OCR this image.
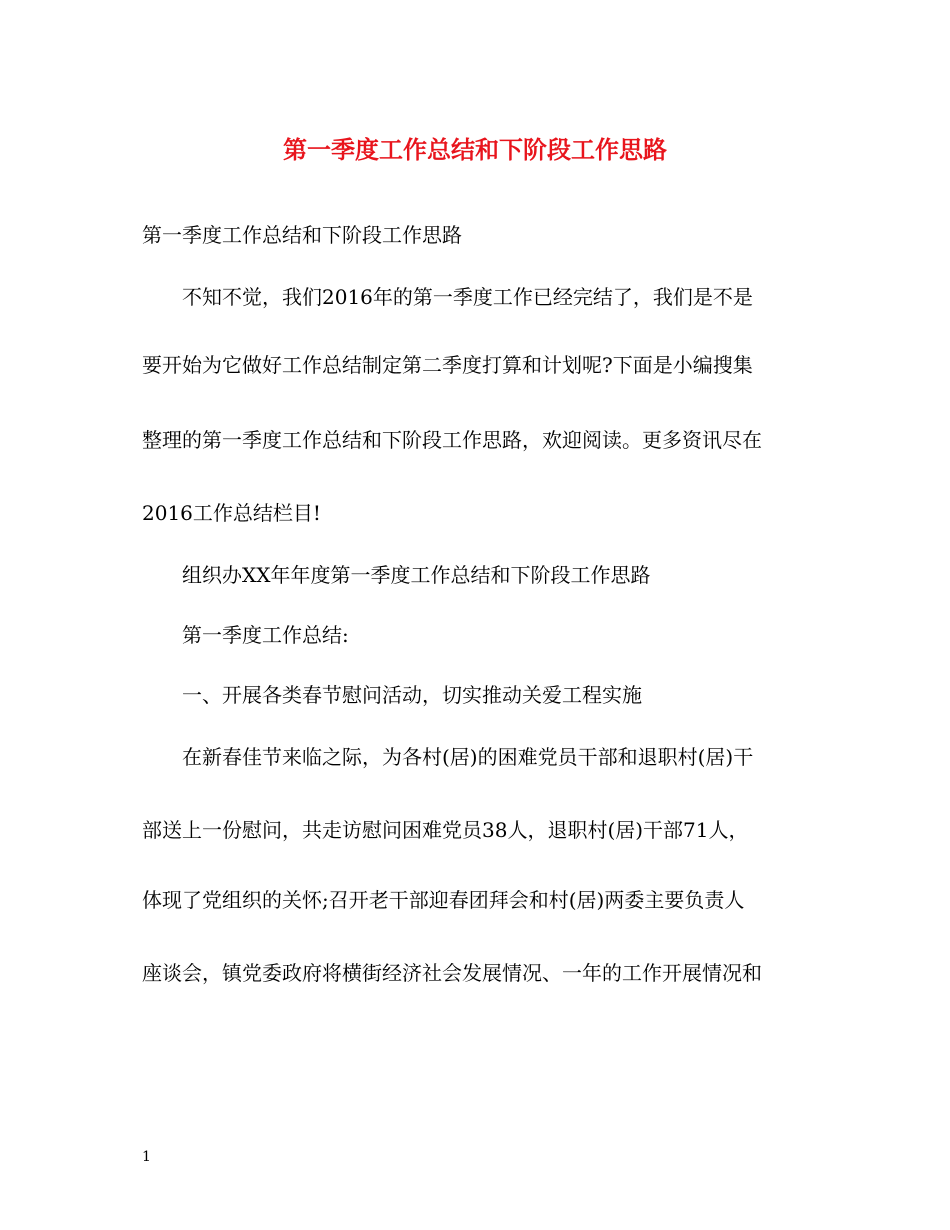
第一季度工作总结和下阶段工作思路

第一季度工作总结和下阶段工作思路

不知不觉，我们2016年的第一季度工作已经完结了，我们是不是

要开始为它做好工作总结制定第二季度打算和计划呢?下面是小编搜集

整理的第一季度工作总结和下阶段工作思路，欢迎阅读。更多资讯尽在

2016工作总结栏目!

组织办XX年年度第一季度工作总结和下阶段工作思路

第一季度工作总结:

一、开展各类春节慰问活动，切实推动关爱工程实施

在新春佳节来临之际，为各村(居)的困难党员干部和退职村(居)干

部送上一份慰问，共走访慰问困难党员38人，退职村(居)干部71人，

体现了党组织的关怀;召开老干部迎春团拜会和村(居)两委主要负责人

座谈会，镇党委政府将横街经济社会发展情况、一年的工作开展情况和

1
